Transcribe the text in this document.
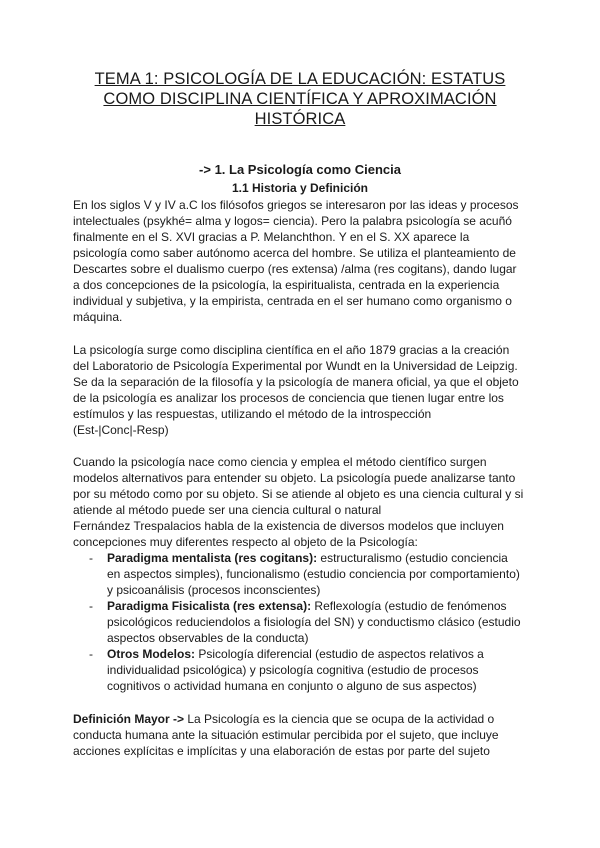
TEMA 1: PSICOLOGÍA DE LA EDUCACIÓN: ESTATUS
COMO DISCIPLINA CIENTÍFICA Y APROXIMACIÓN
HISTÓRICA
-> 1. La Psicología como Ciencia
1.1 Historia y Definición
En los siglos V y IV a.C los filósofos griegos se interesaron por las ideas y procesos
intelectuales (psykhé= alma y logos= ciencia). Pero la palabra psicología se acuñó
finalmente en el S. XVI gracias a P. Melanchthon. Y en el S. XX aparece la
psicología como saber autónomo acerca del hombre. Se utiliza el planteamiento de
Descartes sobre el dualismo cuerpo (res extensa) /alma (res cogitans), dando lugar
a dos concepciones de la psicología, la espiritualista, centrada en la experiencia
individual y subjetiva, y la empirista, centrada en el ser humano como organismo o
máquina.
La psicología surge como disciplina científica en el año 1879 gracias a la creación
del Laboratorio de Psicología Experimental por Wundt en la Universidad de Leipzig.
Se da la separación de la filosofía y la psicología de manera oficial, ya que el objeto
de la psicología es analizar los procesos de conciencia que tienen lugar entre los
estímulos y las respuestas, utilizando el método de la introspección
(Est-|Conc|-Resp)
Cuando la psicología nace como ciencia y emplea el método científico surgen
modelos alternativos para entender su objeto. La psicología puede analizarse tanto
por su método como por su objeto. Si se atiende al objeto es una ciencia cultural y si
atiende al método puede ser una ciencia cultural o natural
Fernández Trespalacios habla de la existencia de diversos modelos que incluyen
concepciones muy diferentes respecto al objeto de la Psicología:
- Paradigma mentalista (res cogitans): estructuralismo (estudio conciencia
en aspectos simples), funcionalismo (estudio conciencia por comportamiento)
y psicoanálisis (procesos inconscientes)
- Paradigma Fisicalista (res extensa): Reflexología (estudio de fenómenos
psicológicos reduciendolos a fisiología del SN) y conductismo clásico (estudio
aspectos observables de la conducta)
- Otros Modelos: Psicología diferencial (estudio de aspectos relativos a
individualidad psicológica) y psicología cognitiva (estudio de procesos
cognitivos o actividad humana en conjunto o alguno de sus aspectos)
Definición Mayor -> La Psicología es la ciencia que se ocupa de la actividad o
conducta humana ante la situación estimular percibida por el sujeto, que incluye
acciones explícitas e implícitas y una elaboración de estas por parte del sujeto
